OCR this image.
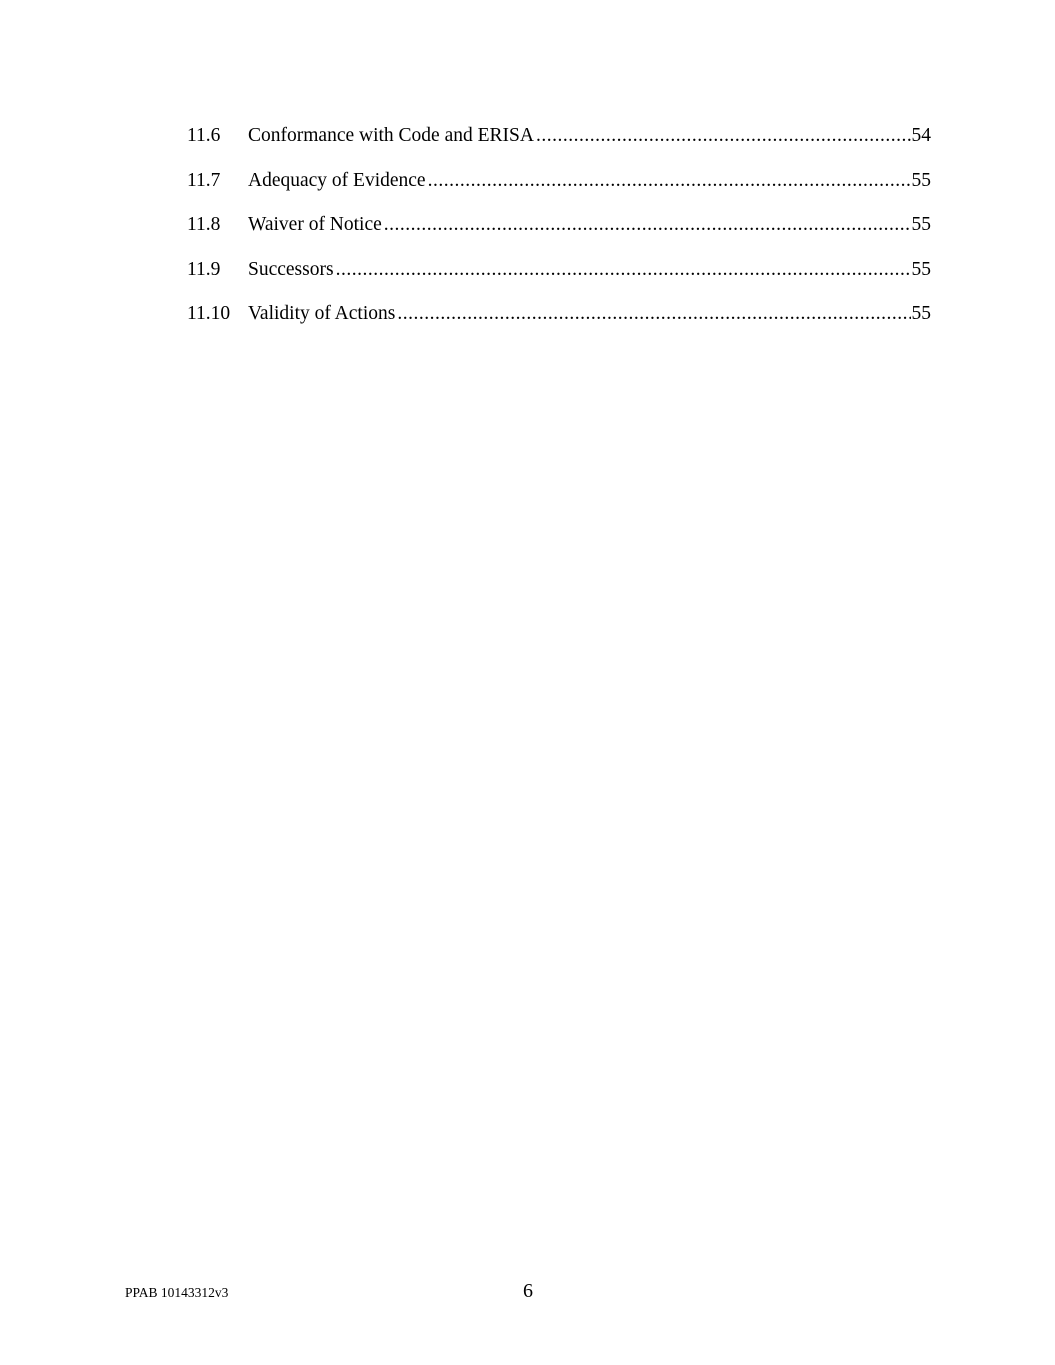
11.6	Conformance with Code and ERISA .....	54
11.7	Adequacy of Evidence .....	55
11.8	Waiver of Notice .....	55
11.9	Successors .....	55
11.10 Validity of Actions .....	55
PPAB 10143312v3	6
